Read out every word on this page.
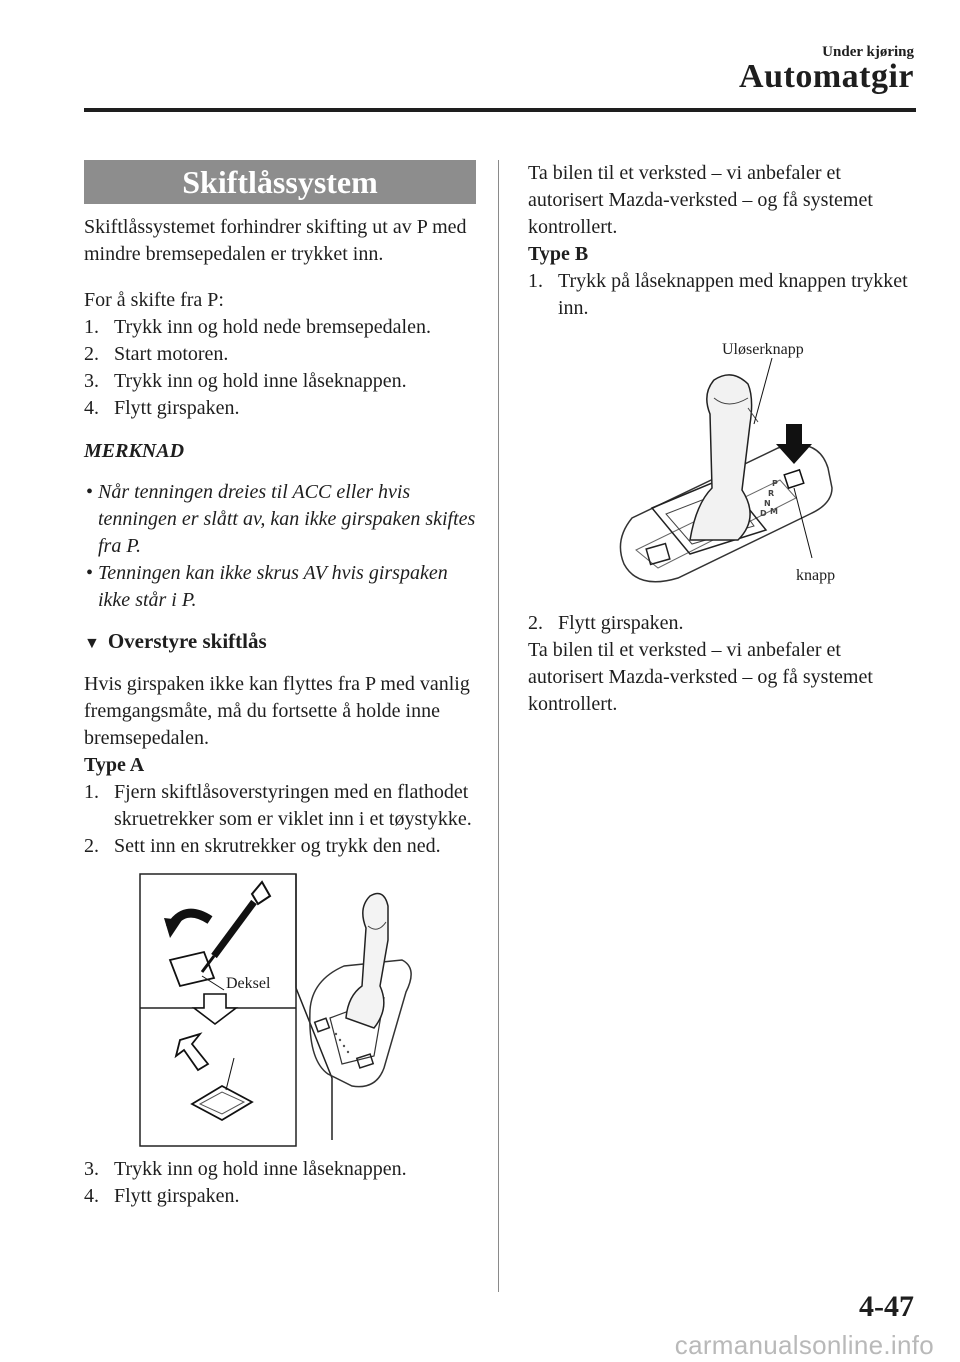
Under kjøring
Automatgir
Skiftlåssystem

Skiftlåssystemet forhindrer skifting ut av P med mindre bremsepedalen er trykket inn.

For å skifte fra P:

1. Trykk inn og hold nede bremsepedalen.
2. Start motoren.
3. Trykk inn og hold inne låseknappen.
4. Flytt girspaken.
MERKNAD
• Når tenningen dreies til ACC eller hvis tenningen er slått av, kan ikke girspaken skiftes fra P.
• Tenningen kan ikke skrus AV hvis girspaken ikke står i P.
▼ Overstyre skiftlås

Hvis girspaken ikke kan flyttes fra P med vanlig fremgangsmåte, må du fortsette å holde inne bremsepedalen.

Type A

1. Fjern skiftlåsoverstyringen med en flathodet skruetrekker som er viklet inn i et tøystykke.
2. Sett inn en skrutrekker og trykk den ned.
Deksel
3. Trykk inn og hold inne låseknappen.
4. Flytt girspaken.

Ta bilen til et verksted – vi anbefaler et autorisert Mazda-verksted – og få systemet kontrollert.

Type B

1. Trykk på låseknappen med knappen trykket inn.
P
R
N
D M
Uløserknapp
knapp
2. Flytt girspaken.

Ta bilen til et verksted – vi anbefaler et autorisert Mazda-verksted – og få systemet kontrollert.

4-47
carmanualsonline.info
